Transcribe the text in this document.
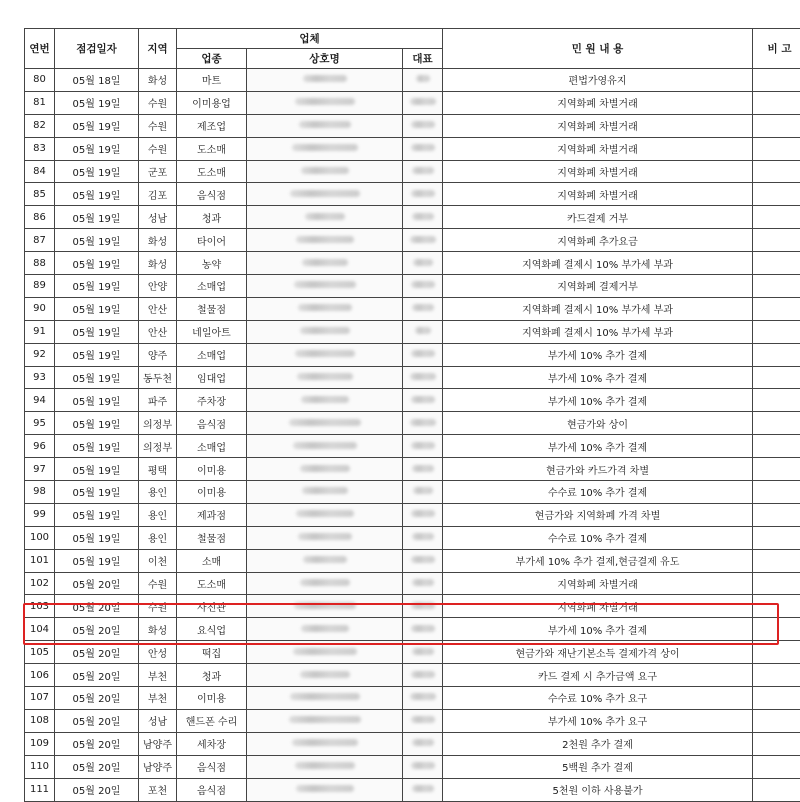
연번	점검일자	지역	업체			민 원 내 용	비 고
			업종	상호명	대표		
80	05월 18일	화성	마트			편법가영유지	
81	05월 19일	수원	이미용업			지역화폐 차별거래	
82	05월 19일	수원	제조업			지역화폐 차별거래	
83	05월 19일	수원	도소매			지역화폐 차별거래	
84	05월 19일	군포	도소매			지역화폐 차별거래	
85	05월 19일	김포	음식점			지역화폐 차별거래	
86	05월 19일	성남	청과			카드결제 거부	
87	05월 19일	화성	타이어			지역화폐 추가요금	
88	05월 19일	화성	농약			지역화폐 결제시 10% 부가세 부과	
89	05월 19일	안양	소매업			지역화폐 결제거부	
90	05월 19일	안산	철물점			지역화폐 결제시 10% 부가세 부과	
91	05월 19일	안산	네일아트			지역화폐 결제시 10% 부가세 부과	
92	05월 19일	양주	소매업			부가세 10% 추가 결제	
93	05월 19일	동두천	임대업			부가세 10% 추가 결제	
94	05월 19일	파주	주차장			부가세 10% 추가 결제	
95	05월 19일	의정부	음식점			현금가와 상이	
96	05월 19일	의정부	소매업			부가세 10% 추가 결제	
97	05월 19일	평택	이미용			현금가와 카드가격 차별	
98	05월 19일	용인	이미용			수수료 10% 추가 결제	
99	05월 19일	용인	제과점			현금가와 지역화폐 가격 차별	
100	05월 19일	용인	철물점			수수료 10% 추가 결제	
101	05월 19일	이천	소매			부가세 10% 추가 결제,현금결제 유도	
102	05월 20일	수원	도소매			지역화폐 차별거래	
103	05월 20일	수원	사진관			지역화폐 차별거래	
104	05월 20일	화성	요식업			부가세 10% 추가 결제	
105	05월 20일	안성	떡집			현금가와 재난기본소득 결제가격 상이	
106	05월 20일	부천	청과			카드 결제 시 추가금액 요구	
107	05월 20일	부천	이미용			수수료 10% 추가 요구	
108	05월 20일	성남	핸드폰 수리			부가세 10% 추가 요구	
109	05월 20일	남양주	세차장			2천원 추가 결제	
110	05월 20일	남양주	음식점			5백원 추가 결제	
111	05월 20일	포천	음식점			5천원 이하 사용불가	
